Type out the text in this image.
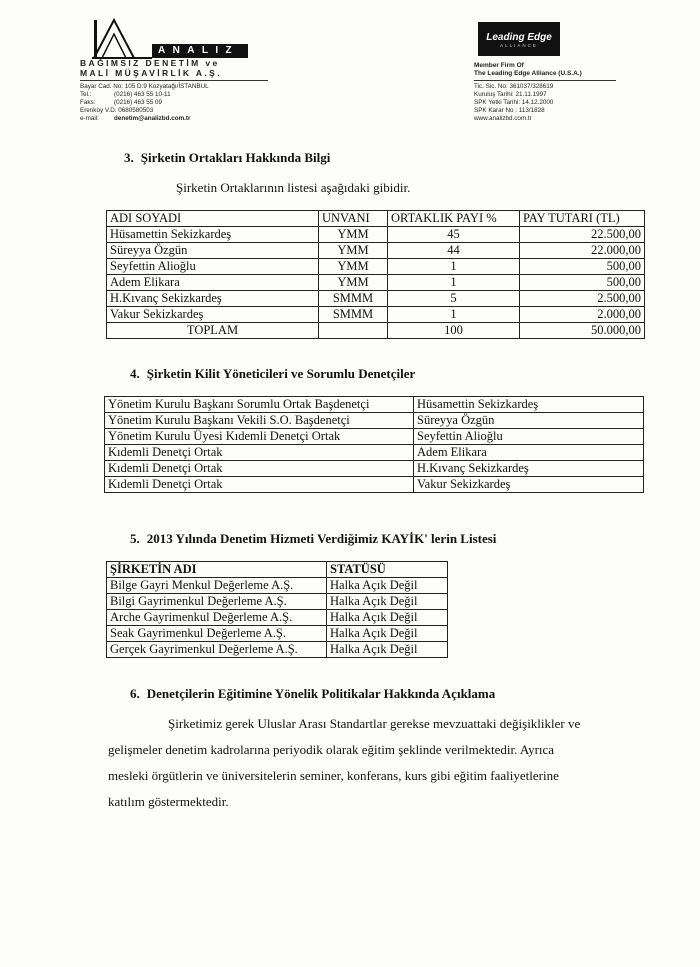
ANALIZ
BAĞIMSIZ DENETİM ve
MALİ MÜŞAVİRLİK A.Ş.
Bayar Cad. No: 105 D:9 Kozyatağı/İSTANBUL
Tel.:	(0216) 463 55 10-11
Faks:	(0216) 463 55 09
Erenköy V.D. 0680580503
e-mail: denetim@analizbd.com.tr
Leading Edge
ALLIANCE
Member Firm Of
The Leading Edge Alliance (U.S.A.)
Tic. Sic. No: 361037/328619
Kuruluş Tarihi: 21.11.1997
SPK Yetki Tarihi: 14.12.2000
SPK Karar No : 113/1828
www.analizbd.com.tr
3. Şirketin Ortakları Hakkında Bilgi
Şirketin Ortaklarının listesi aşağıdaki gibidir.
ADI SOYADI	UNVANI	ORTAKLIK PAYI %	PAY TUTARI (TL)
Hüsamettin Sekizkardeş	YMM	45	22.500,00
Süreyya Özgün	YMM	44	22.000,00
Seyfettin Alioğlu	YMM	1	500,00
Adem Elikara	YMM	1	500,00
H.Kıvanç Sekizkardeş	SMMM	5	2.500,00
Vakur Sekizkardeş	SMMM	1	2.000,00
TOPLAM		100	50.000,00
4. Şirketin Kilit Yöneticileri ve Sorumlu Denetçiler
Yönetim Kurulu Başkanı Sorumlu Ortak Başdenetçi	Hüsamettin Sekizkardeş
Yönetim Kurulu Başkanı Vekili S.O. Başdenetçi	Süreyya Özgün
Yönetim Kurulu Üyesi Kıdemli Denetçi Ortak	Seyfettin Alioğlu
Kıdemli Denetçi Ortak	Adem Elikara
Kıdemli Denetçi Ortak	H.Kıvanç Sekizkardeş
Kıdemli Denetçi Ortak	Vakur Sekizkardeş
5. 2013 Yılında Denetim Hizmeti Verdiğimiz KAYİK' lerin Listesi
ŞİRKETİN ADI	STATÜSÜ
Bilge Gayri Menkul Değerleme A.Ş.	Halka Açık Değil
Bilgi Gayrimenkul Değerleme A.Ş.	Halka Açık Değil
Arche Gayrimenkul Değerleme A.Ş.	Halka Açık Değil
Seak Gayrimenkul Değerleme A.Ş.	Halka Açık Değil
Gerçek Gayrimenkul Değerleme A.Ş.	Halka Açık Değil
6. Denetçilerin Eğitimine Yönelik Politikalar Hakkında Açıklama
Şirketimiz gerek Uluslar Arası Standartlar gerekse mevzuattaki değişiklikler ve
gelişmeler denetim kadrolarına periyodik olarak eğitim şeklinde verilmektedir. Ayrıca
mesleki örgütlerin ve üniversitelerin seminer, konferans, kurs gibi eğitim faaliyetlerine
katılım göstermektedir.
